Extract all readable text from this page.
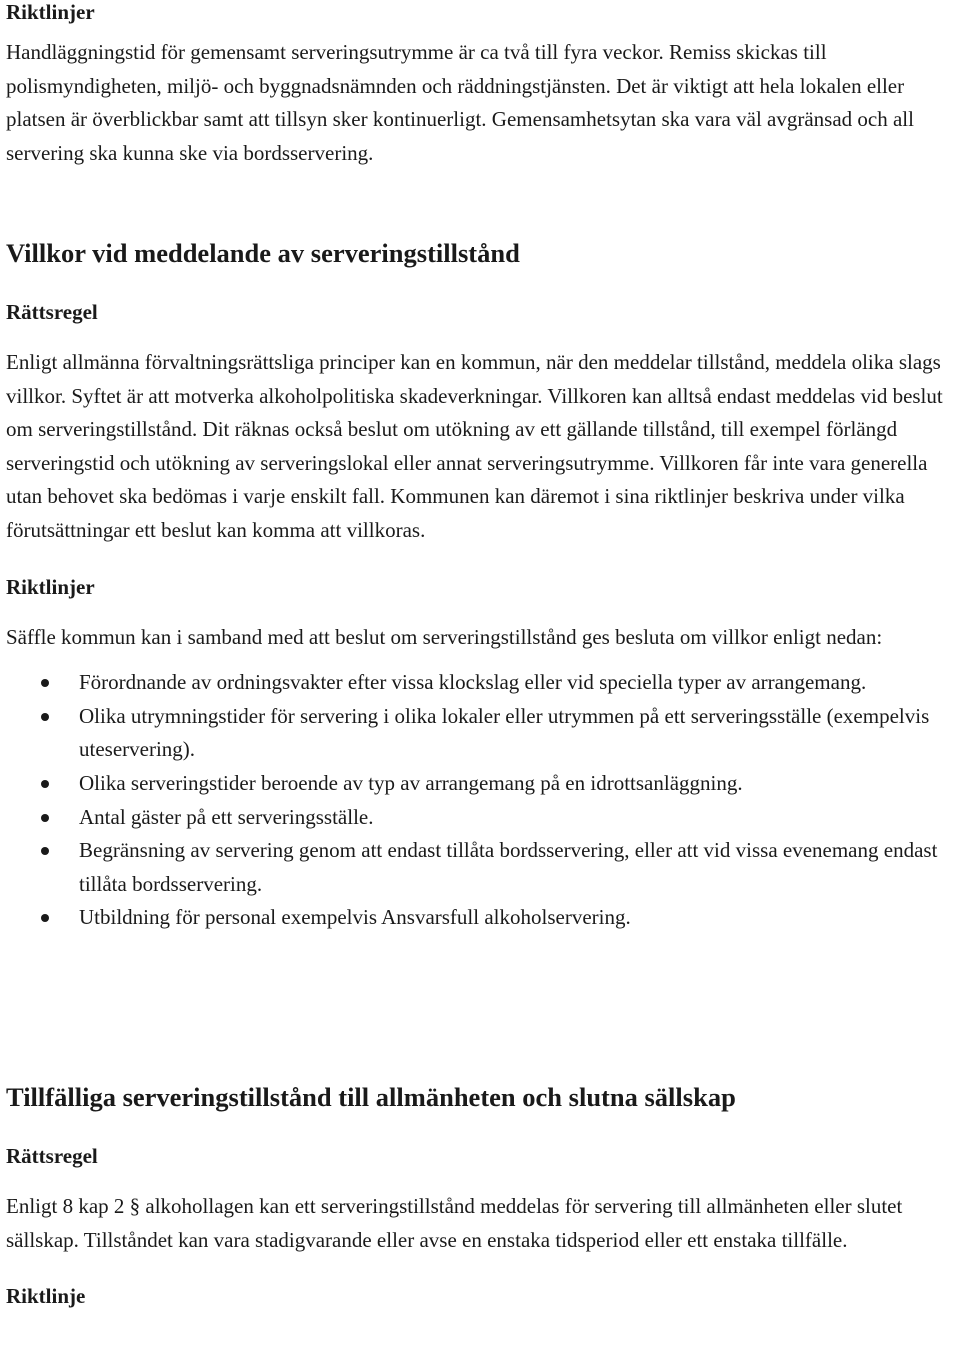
Riktlinjer

Handläggningstid för gemensamt serveringsutrymme är ca två till fyra veckor. Remiss skickas till polismyndigheten, miljö- och byggnadsnämnden och räddningstjänsten. Det är viktigt att hela lokalen eller platsen är överblickbar samt att tillsyn sker kontinuerligt. Gemensamhetsytan ska vara väl avgränsad och all servering ska kunna ske via bordsservering.

Villkor vid meddelande av serveringstillstånd
Rättsregel

Enligt allmänna förvaltningsrättsliga principer kan en kommun, när den meddelar tillstånd, meddela olika slags villkor. Syftet är att motverka alkoholpolitiska skadeverkningar. Villkoren kan alltså endast meddelas vid beslut om serveringstillstånd. Dit räknas också beslut om utökning av ett gällande tillstånd, till exempel förlängd serveringstid och utökning av serveringslokal eller annat serveringsutrymme. Villkoren får inte vara generella utan behovet ska bedömas i varje enskilt fall. Kommunen kan däremot i sina riktlinjer beskriva under vilka förutsättningar ett beslut kan komma att villkoras.

Riktlinjer

Säffle kommun kan i samband med att beslut om serveringstillstånd ges besluta om villkor enligt nedan:

Förordnande av ordningsvakter efter vissa klockslag eller vid speciella typer av arrangemang.
Olika utrymningstider för servering i olika lokaler eller utrymmen på ett serveringsställe (exempelvis uteservering).
Olika serveringstider beroende av typ av arrangemang på en idrottsanläggning.
Antal gäster på ett serveringsställe.
Begränsning av servering genom att endast tillåta bordsservering, eller att vid vissa evenemang endast tillåta bordsservering.
Utbildning för personal exempelvis Ansvarsfull alkoholservering.
Tillfälliga serveringstillstånd till allmänheten och slutna sällskap
Rättsregel

Enligt 8 kap 2 § alkohollagen kan ett serveringstillstånd meddelas för servering till allmänheten eller slutet sällskap. Tillståndet kan vara stadigvarande eller avse en enstaka tidsperiod eller ett enstaka tillfälle.

Riktlinje
